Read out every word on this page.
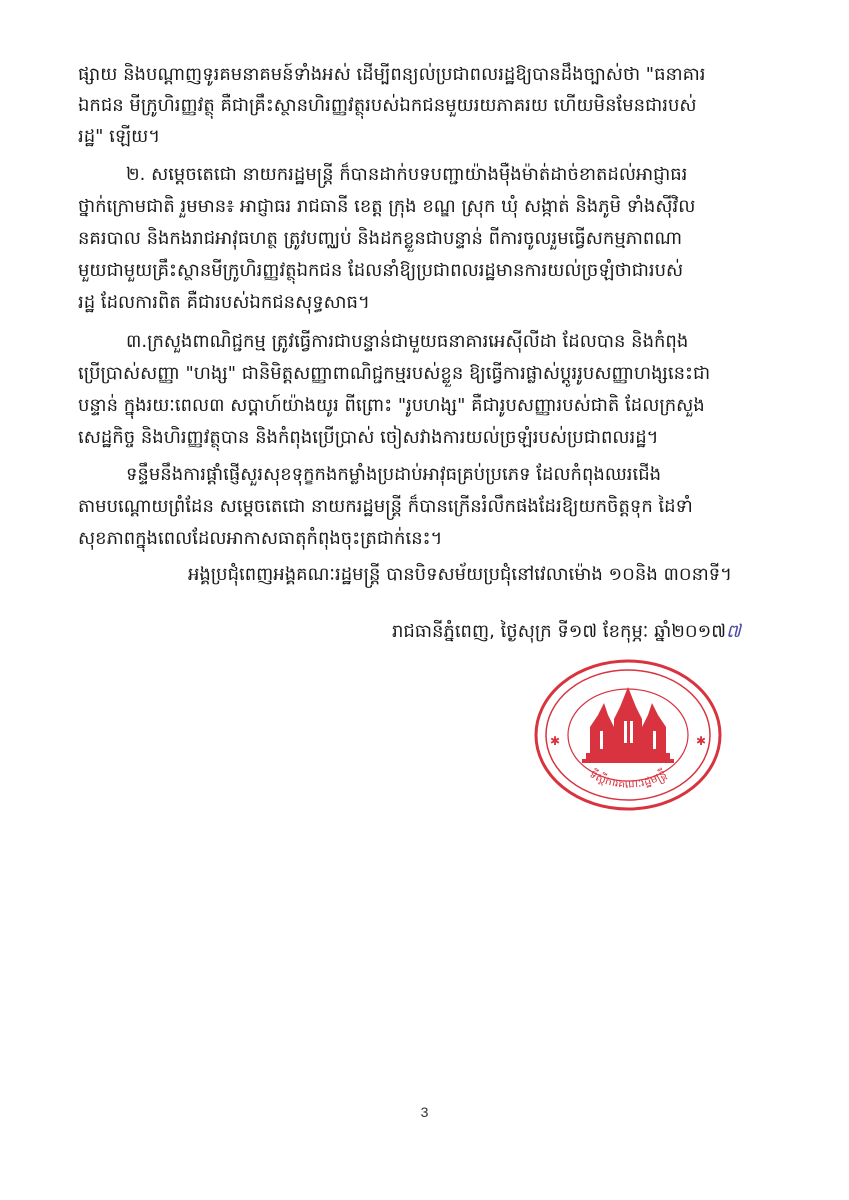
ផ្សាយ និងបណ្តាញទូរគមនាគមន៍ទាំងអស់ ដើម្បីពន្យល់ប្រជាពលរដ្ឋឱ្យបានដឹងច្បាស់ថា "ធនាគារ
ឯកជន មីក្រូហិរញ្ញវត្ថុ គឺជាគ្រឹះស្ថានហិរញ្ញវត្ថុរបស់ឯកជនមួយរយភាគរយ ហើយមិនមែនជារបស់
រដ្ឋ" ឡើយ។
២. សម្តេចតេជោ នាយករដ្ឋមន្ត្រី ក៏បានដាក់បទបញ្ជាយ៉ាងម៉ឺងម៉ាត់ដាច់ខាតដល់អាជ្ញាធរ
ថ្នាក់ក្រោមជាតិ រួមមាន៖ អាជ្ញាធរ រាជធានី ខេត្ត ក្រុង ខណ្ឌ ស្រុក ឃុំ សង្កាត់ និងភូមិ ទាំងស៊ីវិល
នគរបាល និងកងរាជអាវុធហត្ថ ត្រូវបញ្ឈប់ និងដកខ្លួនជាបន្ទាន់ ពីការចូលរួមធ្វើសកម្មភាពណា
មួយជាមួយគ្រឹះស្ថានមីក្រូហិរញ្ញវត្ថុឯកជន ដែលនាំឱ្យប្រជាពលរដ្ឋមានការយល់ច្រឡំថាជារបស់
រដ្ឋ ដែលការពិត គឺជារបស់ឯកជនសុទ្ធសាធ។
៣.ក្រសួងពាណិជ្ជកម្ម ត្រូវធ្វើការជាបន្ទាន់ជាមួយធនាគារអេស៊ីលីដា ដែលបាន និងកំពុង
ប្រើប្រាស់សញ្ញា "ហង្ស" ជានិមិត្តសញ្ញាពាណិជ្ជកម្មរបស់ខ្លួន ឱ្យធ្វើការផ្លាស់ប្តូររូបសញ្ញាហង្សនេះជា
បន្ទាន់ ក្នុងរយៈពេល៣ សប្តាហ៍យ៉ាងយូរ ពីព្រោះ "រូបហង្ស" គឺជារូបសញ្ញារបស់ជាតិ ដែលក្រសួង
សេដ្ឋកិច្ច និងហិរញ្ញវត្ថុបាន និងកំពុងប្រើប្រាស់ ចៀសវាងការយល់ច្រឡំរបស់ប្រជាពលរដ្ឋ។
ទន្ទឹមនឹងការផ្តាំផ្ញើសួរសុខទុក្ខកងកម្លាំងប្រដាប់អាវុធគ្រប់ប្រភេទ ដែលកំពុងឈរជើង
តាមបណ្តោយព្រំដែន សម្តេចតេជោ នាយករដ្ឋមន្ត្រី ក៏បានក្រើនរំលឹកផងដែរឱ្យយកចិត្តទុក ដៃទាំ
សុខភាពក្នុងពេលដែលអាកាសធាតុកំពុងចុះត្រជាក់នេះ។
អង្គប្រជុំពេញអង្គគណៈរដ្ឋមន្ត្រី បានបិទសម័យប្រជុំនៅវេលាម៉ោង ១០និង ៣០នាទី។
រាជធានីភ្នំពេញ, ថ្ងៃសុក្រ ទី១៧ ខែកុម្ភៈ ឆ្នាំ២០១៧៧
ទីស្តីការគណៈរដ្ឋមន្ត្រី
✱	✱
3
